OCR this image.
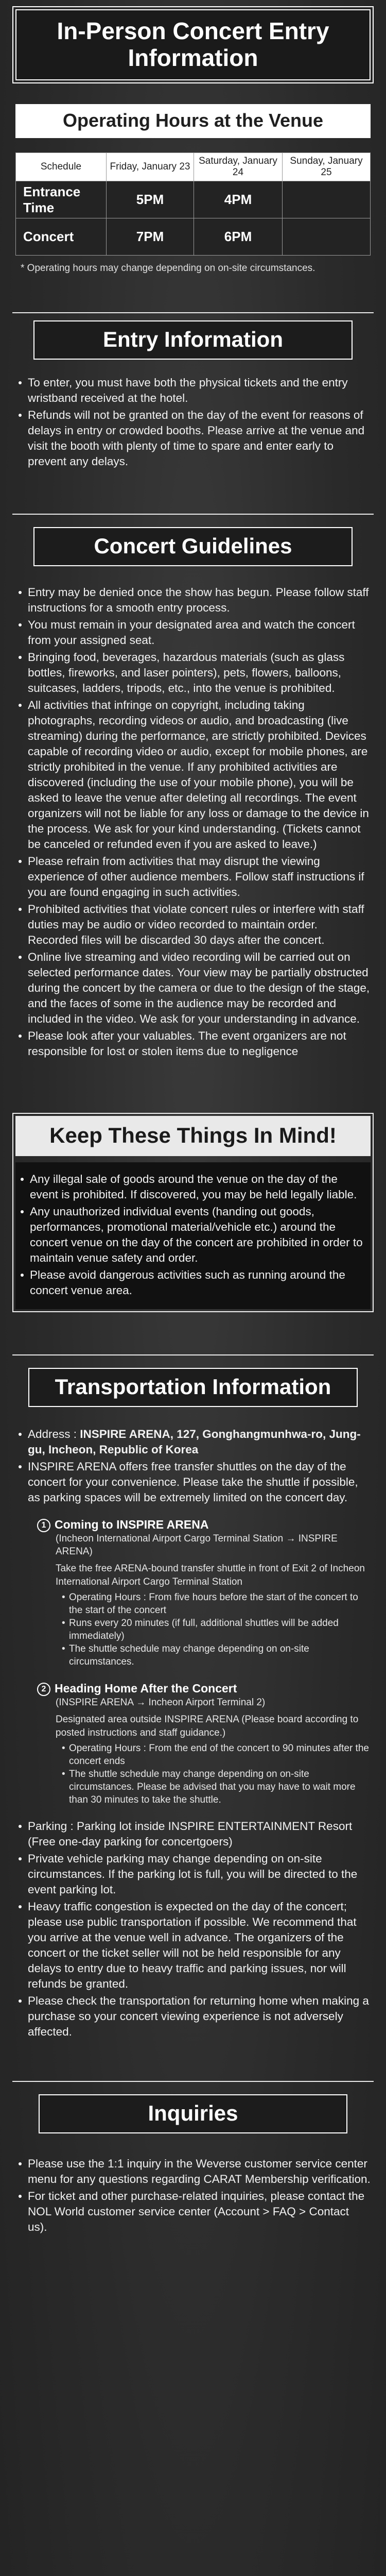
In-Person Concert Entry Information
Operating Hours at the Venue
Schedule	Friday, January 23	Saturday, January 24	Sunday, January 25
Entrance Time	5PM	4PM	
Concert	7PM	6PM	
* Operating hours may change depending on on-site circumstances.
Entry Information
To enter, you must have both the physical tickets and the entry wristband received at the hotel.
Refunds will not be granted on the day of the event for reasons of delays in entry or crowded booths. Please arrive at the venue and visit the booth with plenty of time to spare and enter early to prevent any delays.
Concert Guidelines
Entry may be denied once the show has begun. Please follow staff instructions for a smooth entry process.
You must remain in your designated area and watch the concert from your assigned seat.
Bringing food, beverages, hazardous materials (such as glass bottles, fireworks, and laser pointers), pets, flowers, balloons, suitcases, ladders, tripods, etc., into the venue is prohibited.
All activities that infringe on copyright, including taking photographs, recording videos or audio, and broadcasting (live streaming) during the performance, are strictly prohibited. Devices capable of recording video or audio, except for mobile phones, are strictly prohibited in the venue. If any prohibited activities are discovered (including the use of your mobile phone), you will be asked to leave the venue after deleting all recordings. The event organizers will not be liable for any loss or damage to the device in the process. We ask for your kind understanding. (Tickets cannot be canceled or refunded even if you are asked to leave.)
Please refrain from activities that may disrupt the viewing experience of other audience members. Follow staff instructions if you are found engaging in such activities.
Prohibited activities that violate concert rules or interfere with staff duties may be audio or video recorded to maintain order. Recorded files will be discarded 30 days after the concert.
Online live streaming and video recording will be carried out on selected performance dates. Your view may be partially obstructed during the concert by the camera or due to the design of the stage, and the faces of some in the audience may be recorded and included in the video. We ask for your understanding in advance.
Please look after your valuables. The event organizers are not responsible for lost or stolen items due to negligence
Keep These Things In Mind!
Any illegal sale of goods around the venue on the day of the event is prohibited. If discovered, you may be held legally liable.
Any unauthorized individual events (handing out goods, performances, promotional material/vehicle etc.) around the concert venue on the day of the concert are prohibited in order to maintain venue safety and order.
Please avoid dangerous activities such as running around the concert venue area.
Transportation Information
Address : INSPIRE ARENA, 127, Gonghangmunhwa-ro, Jung-gu, Incheon, Republic of Korea
INSPIRE ARENA offers free transfer shuttles on the day of the concert for your convenience. Please take the shuttle if possible, as parking spaces will be extremely limited on the concert day.
1 Coming to INSPIRE ARENA
(Incheon International Airport Cargo Terminal Station → INSPIRE ARENA)
Take the free ARENA-bound transfer shuttle in front of Exit 2 of Incheon International Airport Cargo Terminal Station
• Operating Hours : From five hours before the start of the concert to the start of the concert
• Runs every 20 minutes (if full, additional shuttles will be added immediately)
• The shuttle schedule may change depending on on-site circumstances.
2 Heading Home After the Concert
(INSPIRE ARENA → Incheon Airport Terminal 2)
Designated area outside INSPIRE ARENA (Please board according to posted instructions and staff guidance.)
• Operating Hours : From the end of the concert to 90 minutes after the concert ends
• The shuttle schedule may change depending on on-site circumstances. Please be advised that you may have to wait more than 30 minutes to take the shuttle.
Parking : Parking lot inside INSPIRE ENTERTAINMENT Resort (Free one-day parking for concertgoers)
Private vehicle parking may change depending on on-site circumstances. If the parking lot is full, you will be directed to the event parking lot.
Heavy traffic congestion is expected on the day of the concert; please use public transportation if possible. We recommend that you arrive at the venue well in advance. The organizers of the concert or the ticket seller will not be held responsible for any delays to entry due to heavy traffic and parking issues, nor will refunds be granted.
Please check the transportation for returning home when making a purchase so your concert viewing experience is not adversely affected.
Inquiries
Please use the 1:1 inquiry in the Weverse customer service center menu for any questions regarding CARAT Membership verification.
For ticket and other purchase-related inquiries, please contact the NOL World customer service center (Account > FAQ > Contact us).
